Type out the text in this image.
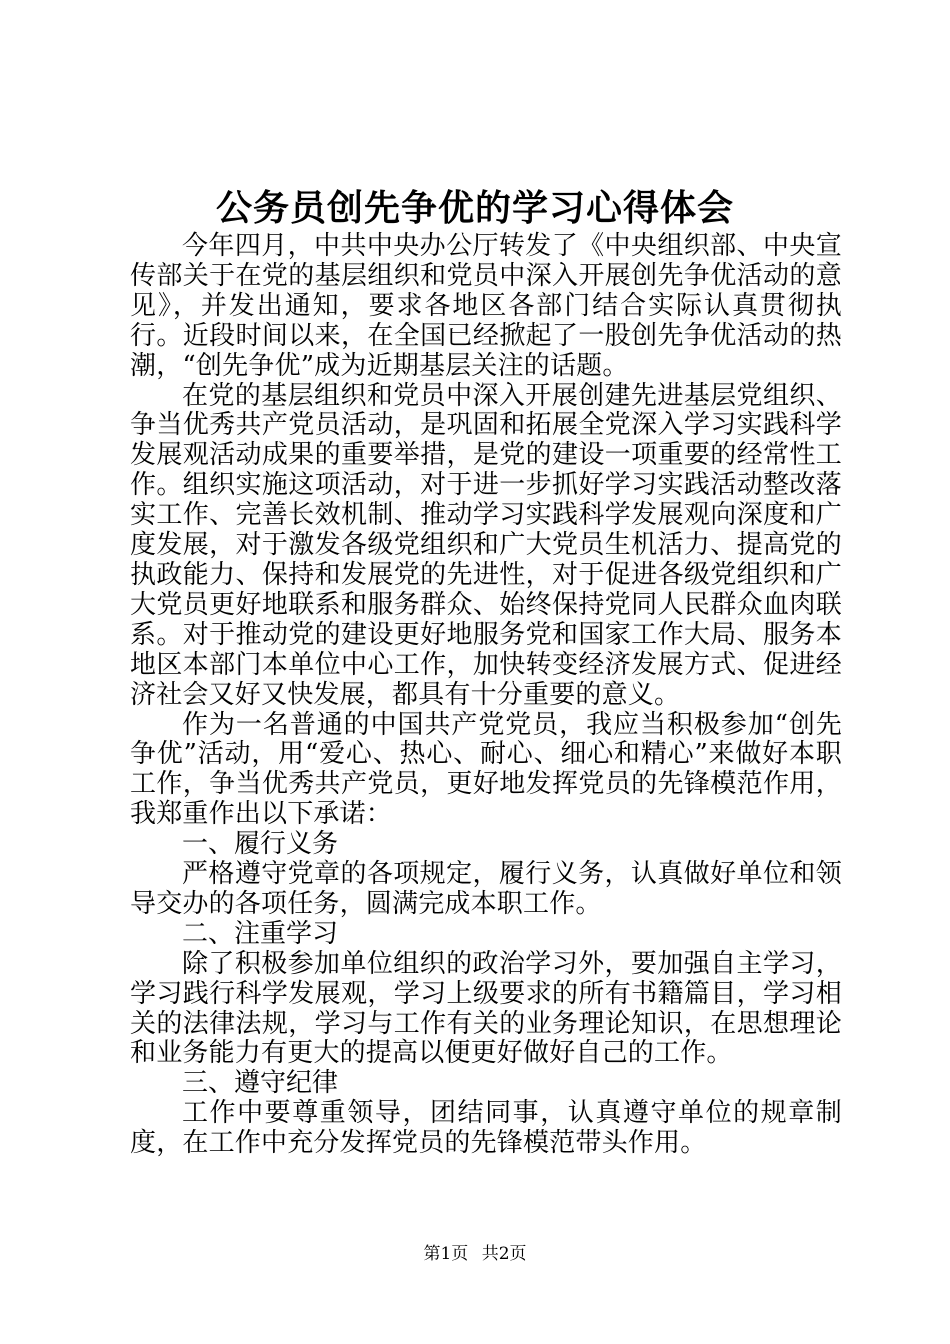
公务员创先争优的学习心得体会

今年四月，中共中央办公厅转发了《中央组织部、中央宣传部关于在党的基层组织和党员中深入开展创先争优活动的意见》，并发出通知，要求各地区各部门结合实际认真贯彻执行。近段时间以来，在全国已经掀起了一股创先争优活动的热潮，“创先争优”成为近期基层关注的话题。

在党的基层组织和党员中深入开展创建先进基层党组织、争当优秀共产党员活动，是巩固和拓展全党深入学习实践科学发展观活动成果的重要举措，是党的建设一项重要的经常性工作。组织实施这项活动，对于进一步抓好学习实践活动整改落实工作、完善长效机制、推动学习实践科学发展观向深度和广度发展，对于激发各级党组织和广大党员生机活力、提高党的执政能力、保持和发展党的先进性，对于促进各级党组织和广大党员更好地联系和服务群众、始终保持党同人民群众血肉联系。对于推动党的建设更好地服务党和国家工作大局、服务本地区本部门本单位中心工作，加快转变经济发展方式、促进经济社会又好又快发展，都具有十分重要的意义。

作为一名普通的中国共产党党员，我应当积极参加“创先争优”活动，用“爱心、热心、耐心、细心和精心”来做好本职工作，争当优秀共产党员，更好地发挥党员的先锋模范作用，我郑重作出以下承诺：

一、履行义务

严格遵守党章的各项规定，履行义务，认真做好单位和领导交办的各项任务，圆满完成本职工作。

二、注重学习

除了积极参加单位组织的政治学习外，要加强自主学习，学习践行科学发展观，学习上级要求的所有书籍篇目，学习相关的法律法规，学习与工作有关的业务理论知识，在思想理论和业务能力有更大的提高以便更好做好自己的工作。

三、遵守纪律

工作中要尊重领导，团结同事，认真遵守单位的规章制度，在工作中充分发挥党员的先锋模范带头作用。

第1页 共2页
